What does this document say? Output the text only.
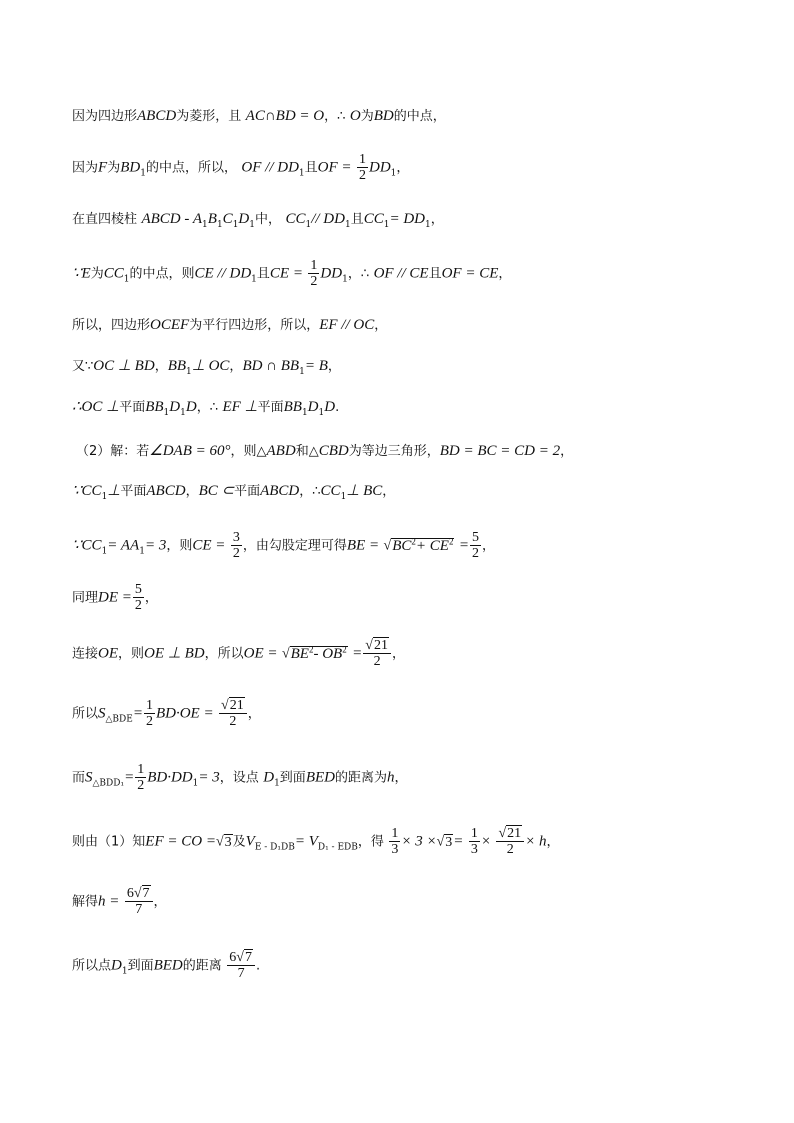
因为四边形ABCD为菱形，且 AC∩BD = O，∴ O为BD的中点，
因为F为$BD_1$的中点，所以， OF // $DD_1$且OF = $\frac{1}{2} DD_1$，
在直四棱柱 ABCD - $A_1B_1C_1D_1$中， $CC_1//$ $DD_1$且$CC_1= DD_1$，
∵E为$CC_1$的中点，则CE // $DD_1$且CE = $\frac{1}{2} DD_1$，∴ OF // CE且OF = CE，
所以，四边形OCEF为平行四边形，所以，EF // OC，
又∵OC ⊥ BD，$BB_1\perp$ OC，BD ∩ $BB_1= B$，
∴OC ⊥平面$BB_1D_1D$，∴ EF ⊥平面$BB_1D_1D$.
（2）解：若∠DAB = 60°，则△ABD和△CBD为等边三角形，BD = BC = CD = 2，
$\because CC_1\perp$平面ABCD，BC ⊂平面ABCD，$\therefore CC_1\perp$ BC，
$\because CC_1= AA_1= 3$，则CE = $\frac{3}{2}$ ，由勾股定理可得BE = $√BC^2+ CE^2 = \frac{5}{2}$ ，
同理DE = $\frac{5}{2}$ ，
连接OE，则OE ⊥ BD，所以OE = $√BE^2-$ $OB^2 = \frac{√21}{2}$ ，
所以$S_{\triangle BDE}= \frac{1}{2} BD\cdot OE = \frac{√21}{2}$ ，
而$S_{\triangle BDD_1}= \frac{1}{2} BD\cdot DD_1= 3$，设点 $D_1$到面BED的距离为h，
则由（1）知EF = CO =√3及$V_{E - D_1DB}= V_{D_1 - EDB}$，得 $\frac{1}{3} \times 3 \times√3= \frac{1}{3} \times \frac{√21}{2} \times h$，
解得$h = \frac{6√7}{7}$ ，
所以点$D_1$到面BED的距离 $\frac{6√7}{7}$ .
